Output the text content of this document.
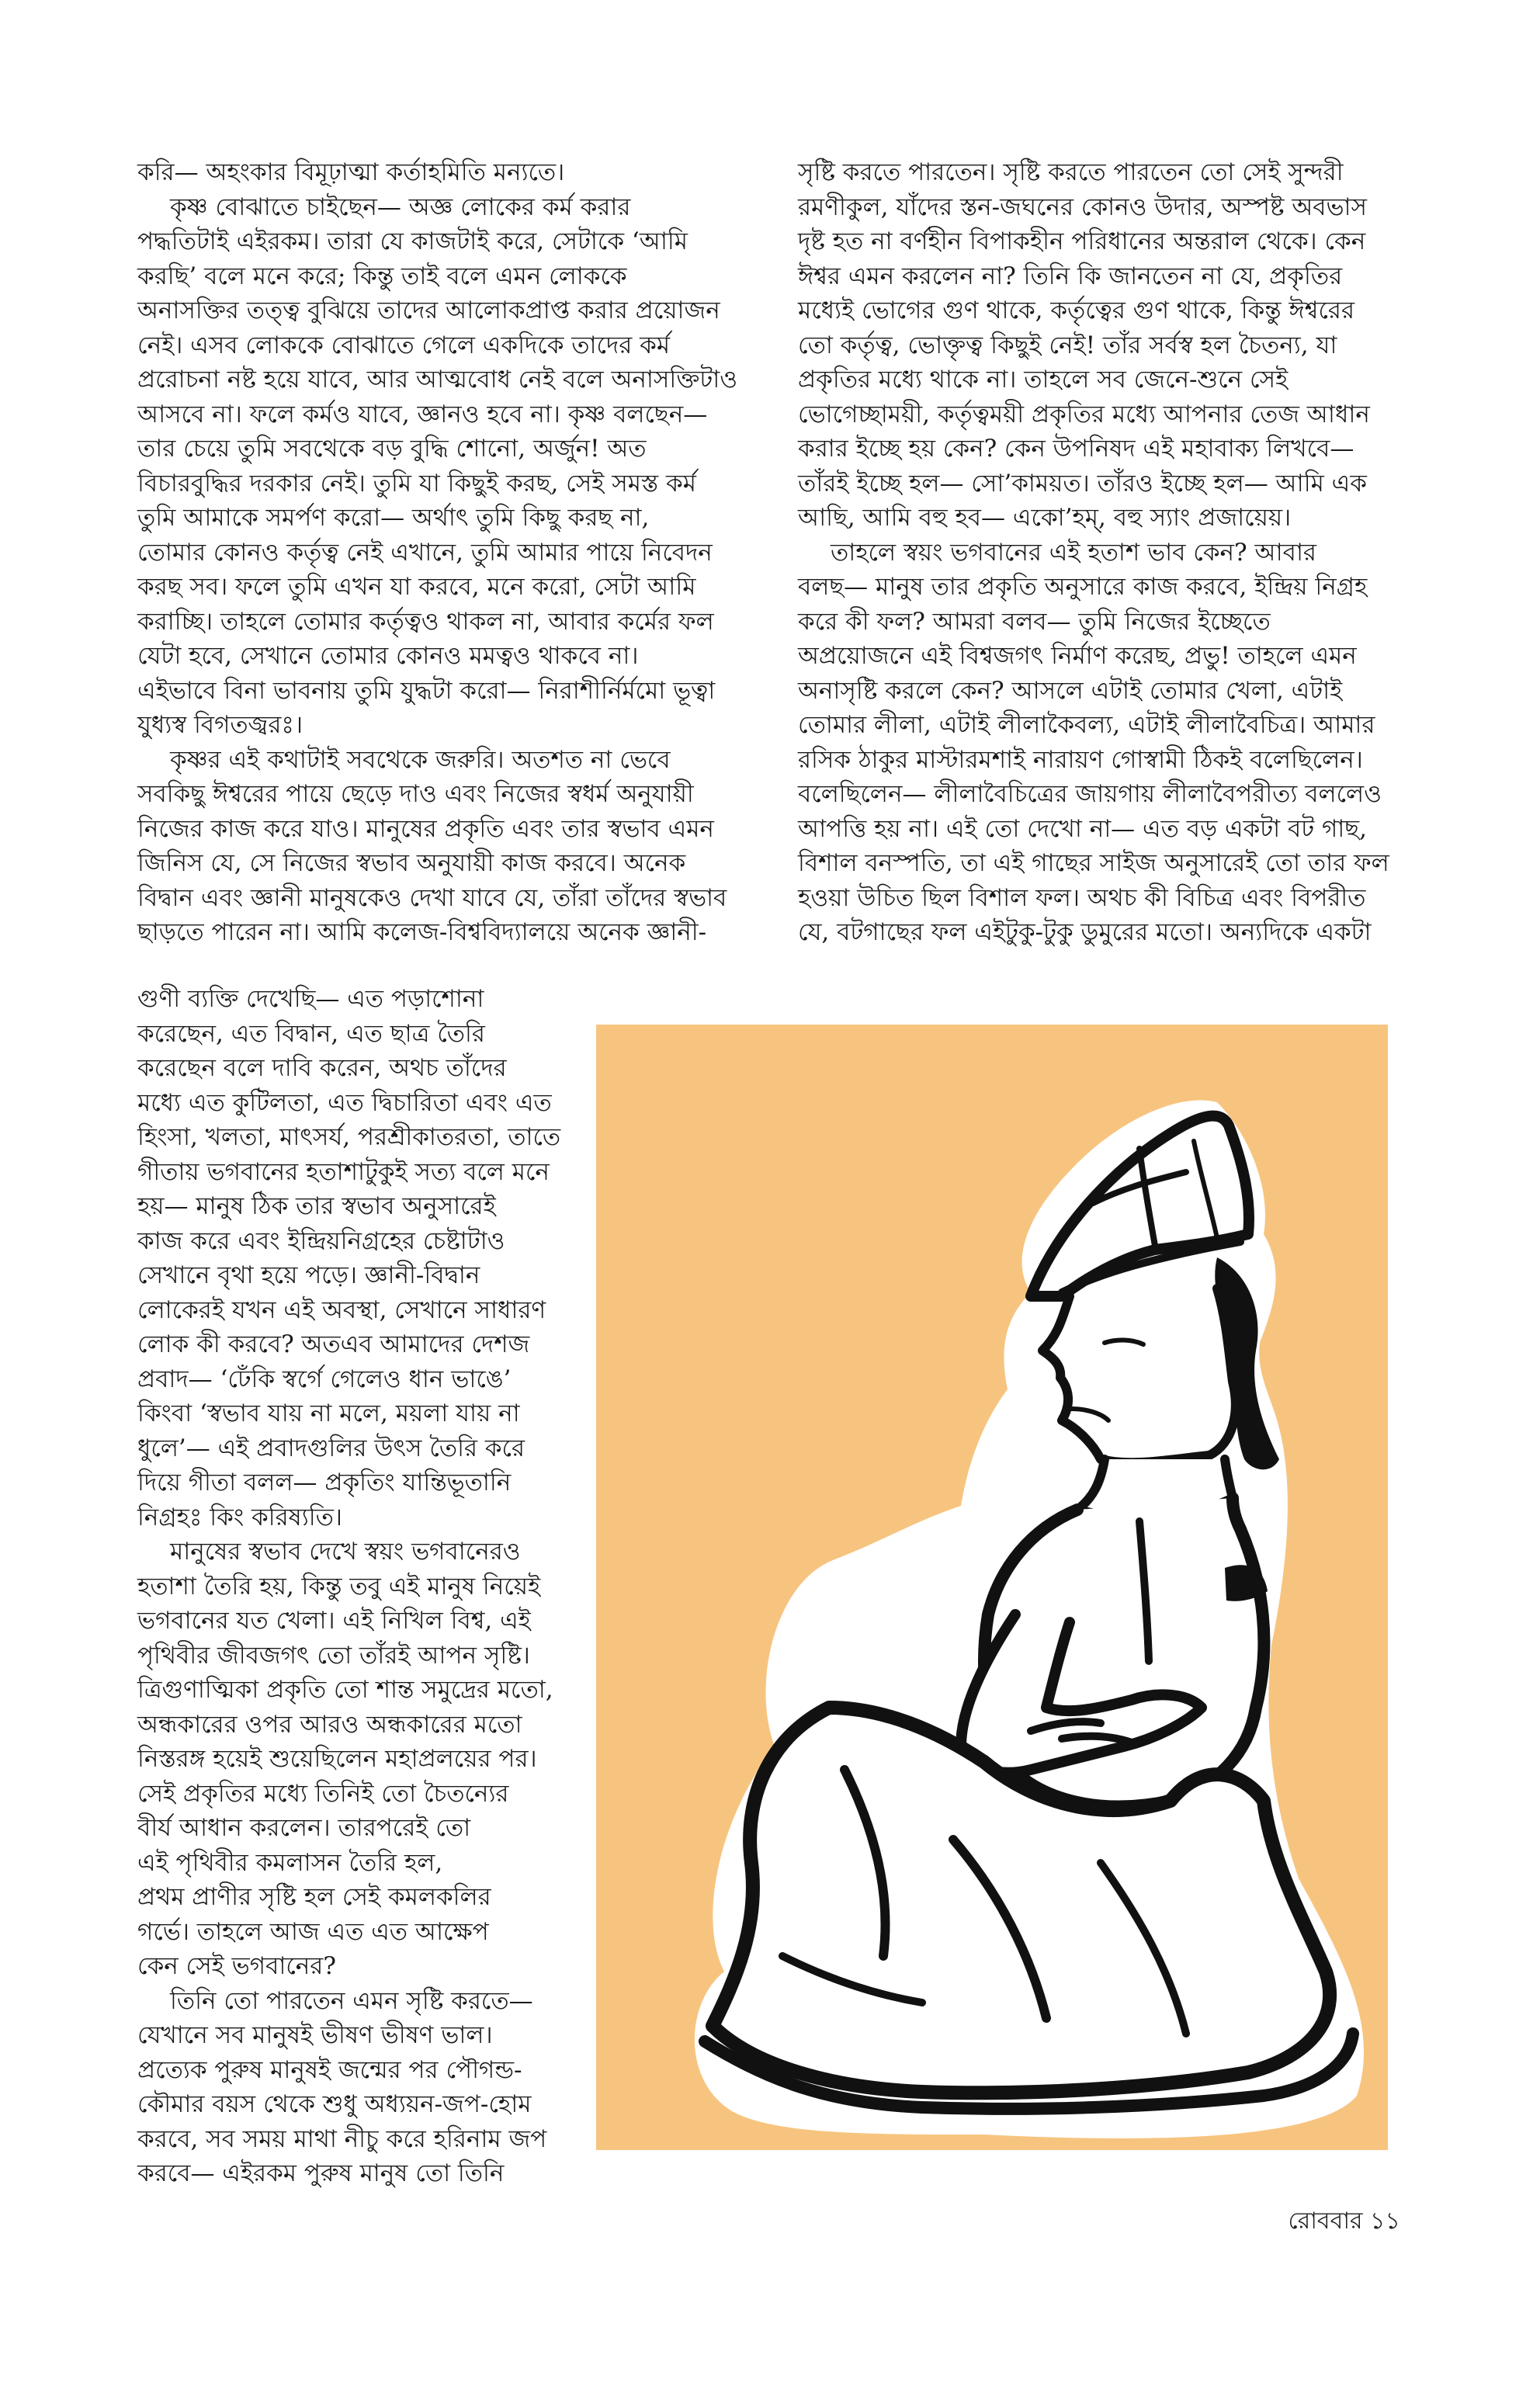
করি— অহংকার বিমূঢ়াত্মা কর্তাহমিতি মন্যতে।

কৃষ্ণ বোঝাতে চাইছেন— অজ্ঞ লোকের কর্ম করার

পদ্ধতিটাই এইরকম। তারা যে কাজটাই করে, সেটাকে ‘আমি

করছি’ বলে মনে করে; কিন্তু তাই বলে এমন লোককে

অনাসক্তির তত্ত্ব বুঝিয়ে তাদের আলোকপ্রাপ্ত করার প্রয়োজন

নেই। এসব লোককে বোঝাতে গেলে একদিকে তাদের কর্ম

প্ররোচনা নষ্ট হয়ে যাবে, আর আত্মবোধ নেই বলে অনাসক্তিটাও

আসবে না। ফলে কর্মও যাবে, জ্ঞানও হবে না। কৃষ্ণ বলছেন—

তার চেয়ে তুমি সবথেকে বড় বুদ্ধি শোনো, অর্জুন! অত

বিচারবুদ্ধির দরকার নেই। তুমি যা কিছুই করছ, সেই সমস্ত কর্ম

তুমি আমাকে সমর্পণ করো— অর্থাৎ তুমি কিছু করছ না,

তোমার কোনও কর্তৃত্ব নেই এখানে, তুমি আমার পায়ে নিবেদন

করছ সব। ফলে তুমি এখন যা করবে, মনে করো, সেটা আমি

করাচ্ছি। তাহলে তোমার কর্তৃত্বও থাকল না, আবার কর্মের ফল

যেটা হবে, সেখানে তোমার কোনও মমত্বও থাকবে না।

এইভাবে বিনা ভাবনায় তুমি যুদ্ধটা করো— নিরাশীর্নির্মমো ভূত্বা

যুধ্যস্ব বিগতজ্বরঃ।

কৃষ্ণর এই কথাটাই সবথেকে জরুরি। অতশত না ভেবে

সবকিছু ঈশ্বরের পায়ে ছেড়ে দাও এবং নিজের স্বধর্ম অনুযায়ী

নিজের কাজ করে যাও। মানুষের প্রকৃতি এবং তার স্বভাব এমন

জিনিস যে, সে নিজের স্বভাব অনুযায়ী কাজ করবে। অনেক

বিদ্বান এবং জ্ঞানী মানুষকেও দেখা যাবে যে, তাঁরা তাঁদের স্বভাব

ছাড়তে পারেন না। আমি কলেজ-বিশ্ববিদ্যালয়ে অনেক জ্ঞানী-

গুণী ব্যক্তি দেখেছি— এত পড়াশোনা

করেছেন, এত বিদ্বান, এত ছাত্র তৈরি

করেছেন বলে দাবি করেন, অথচ তাঁদের

মধ্যে এত কুটিলতা, এত দ্বিচারিতা এবং এত

হিংসা, খলতা, মাৎসর্য, পরশ্রীকাতরতা, তাতে

গীতায় ভগবানের হতাশাটুকুই সত্য বলে মনে

হয়— মানুষ ঠিক তার স্বভাব অনুসারেই

কাজ করে এবং ইন্দ্রিয়নিগ্রহের চেষ্টাটাও

সেখানে বৃথা হয়ে পড়ে। জ্ঞানী-বিদ্বান

লোকেরই যখন এই অবস্থা, সেখানে সাধারণ

লোক কী করবে? অতএব আমাদের দেশজ

প্রবাদ— ‘ঢেঁকি স্বর্গে গেলেও ধান ভাঙে’

কিংবা ‘স্বভাব যায় না মলে, ময়লা যায় না

ধুলে’— এই প্রবাদগুলির উৎস তৈরি করে

দিয়ে গীতা বলল— প্রকৃতিং যান্তিভূতানি

নিগ্রহঃ কিং করিষ্যতি।

মানুষের স্বভাব দেখে স্বয়ং ভগবানেরও

হতাশা তৈরি হয়, কিন্তু তবু এই মানুষ নিয়েই

ভগবানের যত খেলা। এই নিখিল বিশ্ব, এই

পৃথিবীর জীবজগৎ তো তাঁরই আপন সৃষ্টি।

ত্রিগুণাত্মিকা প্রকৃতি তো শান্ত সমুদ্রের মতো,

অন্ধকারের ওপর আরও অন্ধকারের মতো

নিস্তরঙ্গ হয়েই শুয়েছিলেন মহাপ্রলয়ের পর।

সেই প্রকৃতির মধ্যে তিনিই তো চৈতন্যের

বীর্য আধান করলেন। তারপরেই তো

এই পৃথিবীর কমলাসন তৈরি হল,

প্রথম প্রাণীর সৃষ্টি হল সেই কমলকলির

গর্ভে। তাহলে আজ এত এত আক্ষেপ

কেন সেই ভগবানের?

তিনি তো পারতেন এমন সৃষ্টি করতে—

যেখানে সব মানুষই ভীষণ ভীষণ ভাল।

প্রত্যেক পুরুষ মানুষই জন্মের পর পৌগন্ড-

কৌমার বয়স থেকে শুধু অধ্যয়ন-জপ-হোম

করবে, সব সময় মাথা নীচু করে হরিনাম জপ

করবে— এইরকম পুরুষ মানুষ তো তিনি

সৃষ্টি করতে পারতেন। সৃষ্টি করতে পারতেন তো সেই সুন্দরী

রমণীকুল, যাঁদের স্তন-জঘনের কোনও উদার, অস্পষ্ট অবভাস

দৃষ্ট হত না বর্ণহীন বিপাকহীন পরিধানের অন্তরাল থেকে। কেন

ঈশ্বর এমন করলেন না? তিনি কি জানতেন না যে, প্রকৃতির

মধ্যেই ভোগের গুণ থাকে, কর্তৃত্বের গুণ থাকে, কিন্তু ঈশ্বরের

তো কর্তৃত্ব, ভোক্তৃত্ব কিছুই নেই! তাঁর সর্বস্ব হল চৈতন্য, যা

প্রকৃতির মধ্যে থাকে না। তাহলে সব জেনে-শুনে সেই

ভোগেচ্ছাময়ী, কর্তৃত্বময়ী প্রকৃতির মধ্যে আপনার তেজ আধান

করার ইচ্ছে হয় কেন? কেন উপনিষদ এই মহাবাক্য লিখবে—

তাঁরই ইচ্ছে হল— সো’কাময়ত। তাঁরও ইচ্ছে হল— আমি এক

আছি, আমি বহু হব— একো’হম্, বহু স্যাং প্রজায়েয়।

তাহলে স্বয়ং ভগবানের এই হতাশ ভাব কেন? আবার

বলছ— মানুষ তার প্রকৃতি অনুসারে কাজ করবে, ইন্দ্রিয় নিগ্রহ

করে কী ফল? আমরা বলব— তুমি নিজের ইচ্ছেতে

অপ্রয়োজনে এই বিশ্বজগৎ নির্মাণ করেছ, প্রভু! তাহলে এমন

অনাসৃষ্টি করলে কেন? আসলে এটাই তোমার খেলা, এটাই

তোমার লীলা, এটাই লীলাকৈবল্য, এটাই লীলাবৈচিত্র। আমার

রসিক ঠাকুর মাস্টারমশাই নারায়ণ গোস্বামী ঠিকই বলেছিলেন।

বলেছিলেন— লীলাবৈচিত্রের জায়গায় লীলাবৈপরীত্য বললেও

আপত্তি হয় না। এই তো দেখো না— এত বড় একটা বট গাছ,

বিশাল বনস্পতি, তা এই গাছের সাইজ অনুসারেই তো তার ফল

হওয়া উচিত ছিল বিশাল ফল। অথচ কী বিচিত্র এবং বিপরীত

যে, বটগাছের ফল এইটুকু-টুকু ডুমুরের মতো। অন্যদিকে একটা

রোববার ১১
